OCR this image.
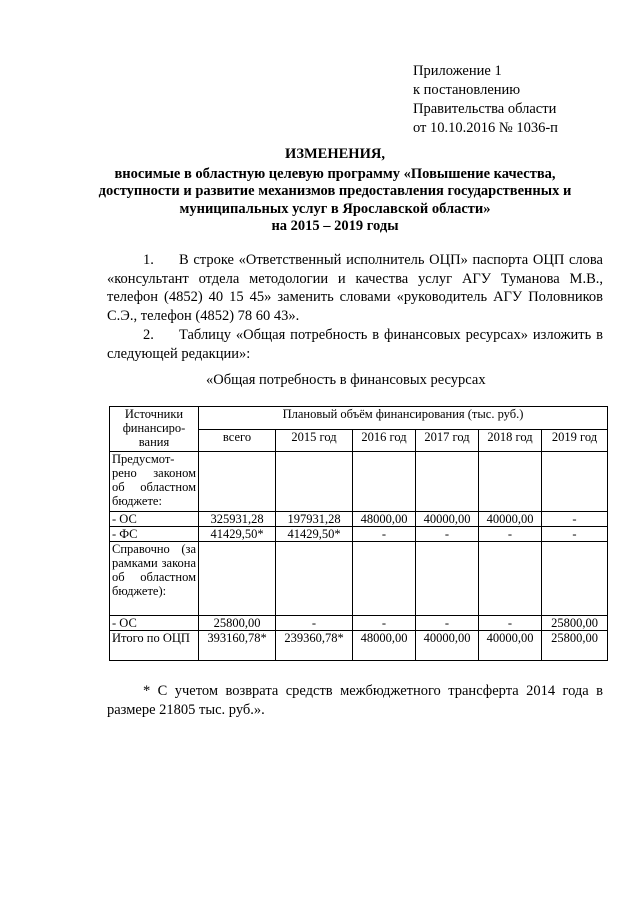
Приложение 1
к постановлению
Правительства области
от 10.10.2016 № 1036-п
ИЗМЕНЕНИЯ,
вносимые в областную целевую программу «Повышение качества,
доступности и развитие механизмов предоставления государственных и
муниципальных услуг в Ярославской области»
на 2015 – 2019 годы
1. В строке «Ответственный исполнитель ОЦП» паспорта ОЦП слова «консультант отдела методологии и качества услуг АГУ Туманова М.В., телефон (4852) 40 15 45» заменить словами «руководитель АГУ Половников С.Э., телефон (4852) 78 60 43».
2. Таблицу «Общая потребность в финансовых ресурсах» изложить в следующей редакции»:
«Общая потребность в финансовых ресурсах
Источники финансиро-вания	Плановый объём финансирования (тыс. руб.)					
	всего	2015 год	2016 год	2017 год	2018 год	2019 год
Предусмот-рено законом об областном бюджете:						
- ОС	325931,28	197931,28	48000,00	40000,00	40000,00	-
- ФС	41429,50*	41429,50*	-	-	-	-
Справочно (за рамками закона об областном бюджете):						
- ОС	25800,00	-	-	-	-	25800,00
Итого по ОЦП	393160,78*	239360,78*	48000,00	40000,00	40000,00	25800,00
* С учетом возврата средств межбюджетного трансферта 2014 года в размере 21805 тыс. руб.».
